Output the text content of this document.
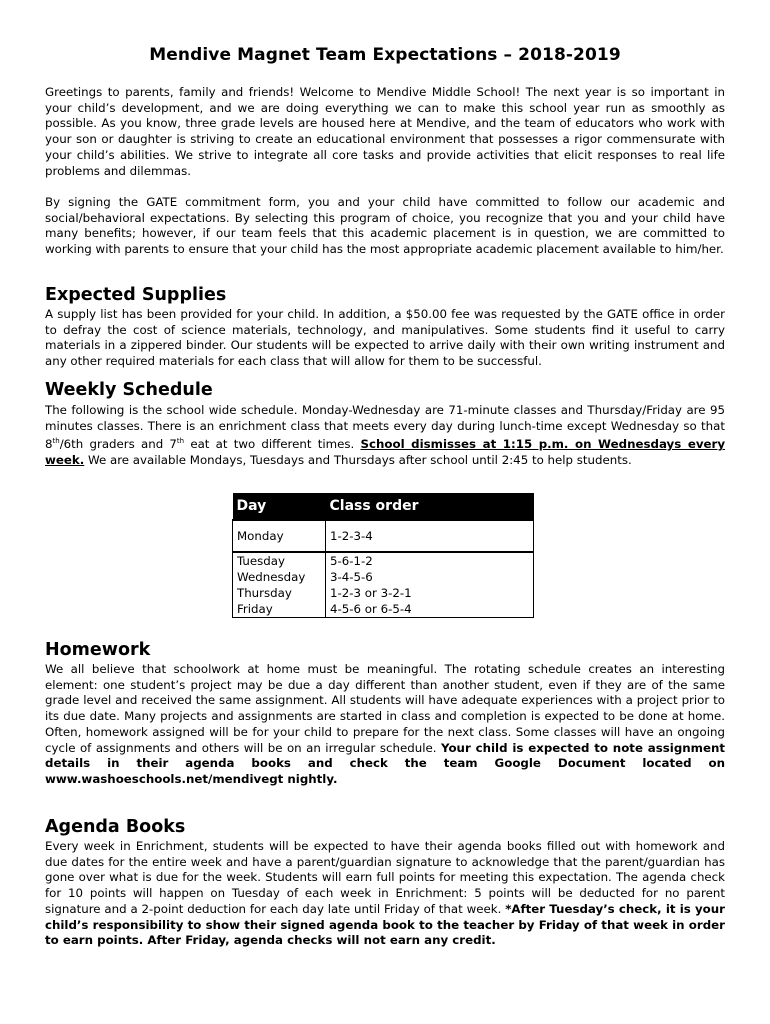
Mendive Magnet Team Expectations – 2018-2019

Greetings to parents, family and friends! Welcome to Mendive Middle School! The next year is so important in your child’s development, and we are doing everything we can to make this school year run as smoothly as possible. As you know, three grade levels are housed here at Mendive, and the team of educators who work with your son or daughter is striving to create an educational environment that possesses a rigor commensurate with your child’s abilities. We strive to integrate all core tasks and provide activities that elicit responses to real life problems and dilemmas.

By signing the GATE commitment form, you and your child have committed to follow our academic and social/behavioral expectations. By selecting this program of choice, you recognize that you and your child have many benefits; however, if our team feels that this academic placement is in question, we are committed to working with parents to ensure that your child has the most appropriate academic placement available to him/her.

Expected Supplies

A supply list has been provided for your child. In addition, a $50.00 fee was requested by the GATE office in order to defray the cost of science materials, technology, and manipulatives. Some students find it useful to carry materials in a zippered binder. Our students will be expected to arrive daily with their own writing instrument and any other required materials for each class that will allow for them to be successful.

Weekly Schedule

The following is the school wide schedule. Monday-Wednesday are 71-minute classes and Thursday/Friday are 95 minutes classes. There is an enrichment class that meets every day during lunch-time except Wednesday so that 8th/6th graders and 7th eat at two different times. School dismisses at 1:15 p.m. on Wednesdays every week. We are available Mondays, Tuesdays and Thursdays after school until 2:45 to help students.

Day	Class order
Monday	1-2-3-4
Tuesday	5-6-1-2
Wednesday	3-4-5-6
Thursday	1-2-3 or 3-2-1
Friday	4-5-6 or 6-5-4
Homework

We all believe that schoolwork at home must be meaningful. The rotating schedule creates an interesting element: one student’s project may be due a day different than another student, even if they are of the same grade level and received the same assignment. All students will have adequate experiences with a project prior to its due date. Many projects and assignments are started in class and completion is expected to be done at home. Often, homework assigned will be for your child to prepare for the next class. Some classes will have an ongoing cycle of assignments and others will be on an irregular schedule. Your child is expected to note assignment details in their agenda books and check the team Google Document located on www.washoeschools.net/mendivegt nightly.

Agenda Books

Every week in Enrichment, students will be expected to have their agenda books filled out with homework and due dates for the entire week and have a parent/guardian signature to acknowledge that the parent/guardian has gone over what is due for the week. Students will earn full points for meeting this expectation. The agenda check for 10 points will happen on Tuesday of each week in Enrichment: 5 points will be deducted for no parent signature and a 2-point deduction for each day late until Friday of that week. *After Tuesday’s check, it is your child’s responsibility to show their signed agenda book to the teacher by Friday of that week in order to earn points. After Friday, agenda checks will not earn any credit.
